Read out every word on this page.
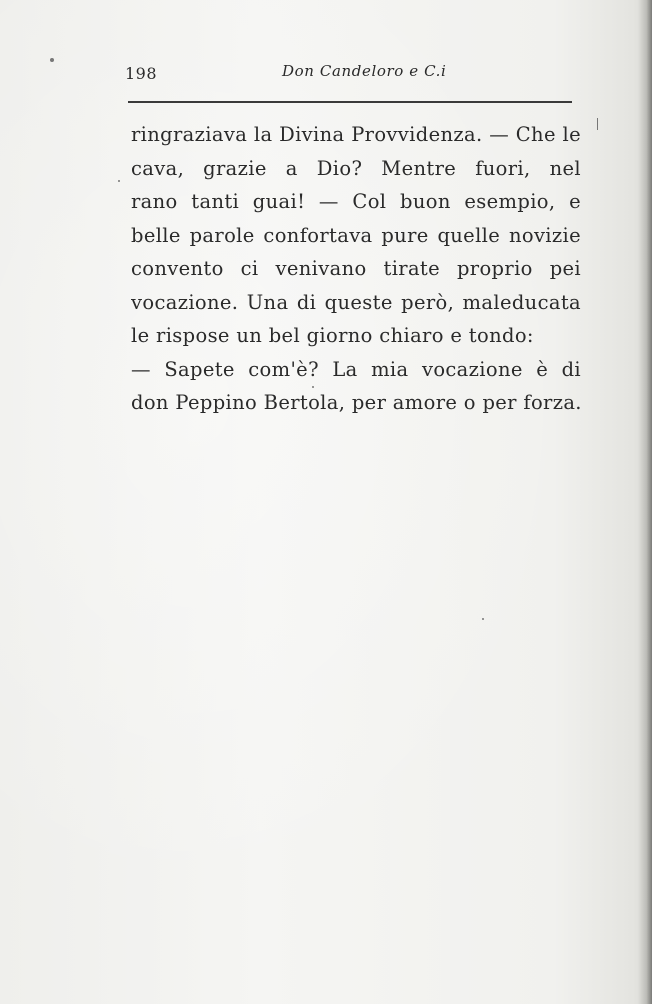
198	Don Candeloro e C.i
ringraziava la Divina Provvidenza. — Che le
cava, grazie a Dio? Mentre fuori, nel
rano tanti guai! — Col buon esempio, e
belle parole confortava pure quelle novizie
convento ci venivano tirate proprio pei
vocazione. Una di queste però, maleducata
le rispose un bel giorno chiaro e tondo:
— Sapete com'è? La mia vocazione è di
don Peppino Bertola, per amore o per forza.
